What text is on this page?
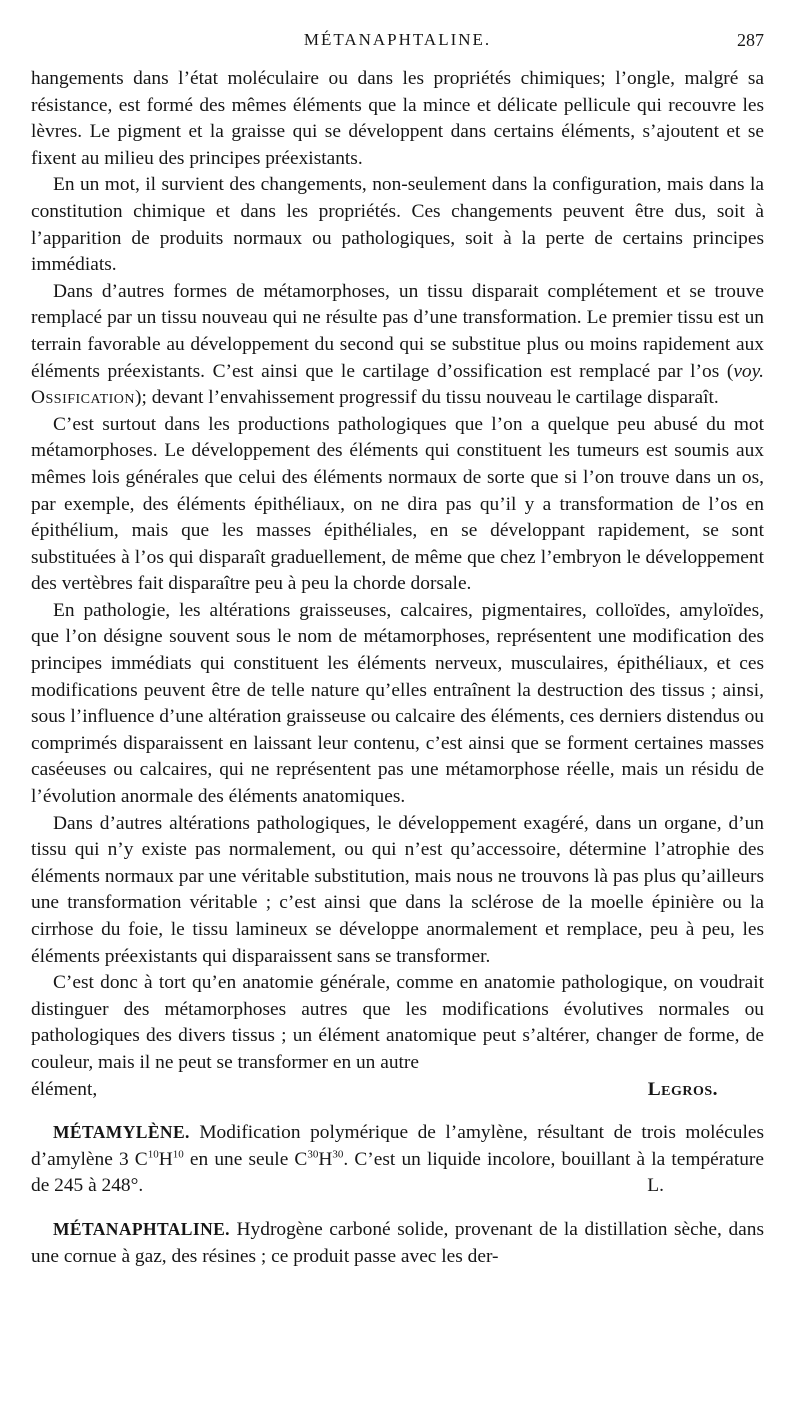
MÉTANAPHTALINE.	287

hangements dans l’état moléculaire ou dans les propriétés chimiques; l’ongle, malgré sa résistance, est formé des mêmes éléments que la mince et délicate pellicule qui recouvre les lèvres. Le pigment et la graisse qui se développent dans certains éléments, s’ajoutent et se fixent au milieu des principes préexistants.

En un mot, il survient des changements, non-seulement dans la configuration, mais dans la constitution chimique et dans les propriétés. Ces changements peuvent être dus, soit à l’apparition de produits normaux ou pathologiques, soit à la perte de certains principes immédiats.

Dans d’autres formes de métamorphoses, un tissu disparait complétement et se trouve remplacé par un tissu nouveau qui ne résulte pas d’une transformation. Le premier tissu est un terrain favorable au développement du second qui se substitue plus ou moins rapidement aux éléments préexistants. C’est ainsi que le cartilage d’ossification est remplacé par l’os (voy. Ossification); devant l’envahissement progressif du tissu nouveau le cartilage disparaît.

C’est surtout dans les productions pathologiques que l’on a quelque peu abusé du mot métamorphoses. Le développement des éléments qui constituent les tumeurs est soumis aux mêmes lois générales que celui des éléments normaux de sorte que si l’on trouve dans un os, par exemple, des éléments épithéliaux, on ne dira pas qu’il y a transformation de l’os en épithélium, mais que les masses épithéliales, en se développant rapidement, se sont substituées à l’os qui disparaît graduellement, de même que chez l’embryon le développement des vertèbres fait disparaître peu à peu la chorde dorsale.

En pathologie, les altérations graisseuses, calcaires, pigmentaires, colloïdes, amyloïdes, que l’on désigne souvent sous le nom de métamorphoses, représentent une modification des principes immédiats qui constituent les éléments nerveux, musculaires, épithéliaux, et ces modifications peuvent être de telle nature qu’elles entraînent la destruction des tissus ; ainsi, sous l’influence d’une altération graisseuse ou calcaire des éléments, ces derniers distendus ou comprimés disparaissent en laissant leur contenu, c’est ainsi que se forment certaines masses caséeuses ou calcaires, qui ne représentent pas une métamorphose réelle, mais un résidu de l’évolution anormale des éléments anatomiques.

Dans d’autres altérations pathologiques, le développement exagéré, dans un organe, d’un tissu qui n’y existe pas normalement, ou qui n’est qu’accessoire, détermine l’atrophie des éléments normaux par une véritable substitution, mais nous ne trouvons là pas plus qu’ailleurs une transformation véritable ; c’est ainsi que dans la sclérose de la moelle épinière ou la cirrhose du foie, le tissu lamineux se développe anormalement et remplace, peu à peu, les éléments préexistants qui disparaissent sans se transformer.

C’est donc à tort qu’en anatomie générale, comme en anatomie pathologique, on voudrait distinguer des métamorphoses autres que les modifications évolutives normales ou pathologiques des divers tissus ; un élément anatomique peut s’altérer, changer de forme, de couleur, mais il ne peut se transformer en un autre

élément,	Legros.

MÉTAMYLÈNE. Modification polymérique de l’amylène, résultant de trois molécules d’amylène 3 $C^{10}H^{10}$ en une seule $C^{30}H^{30}$. C’est un liquide incolore, bouillant à la température de 245 à 248°.	L.

MÉTANAPHTALINE. Hydrogène carboné solide, provenant de la distillation sèche, dans une cornue à gaz, des résines ; ce produit passe avec les der-
